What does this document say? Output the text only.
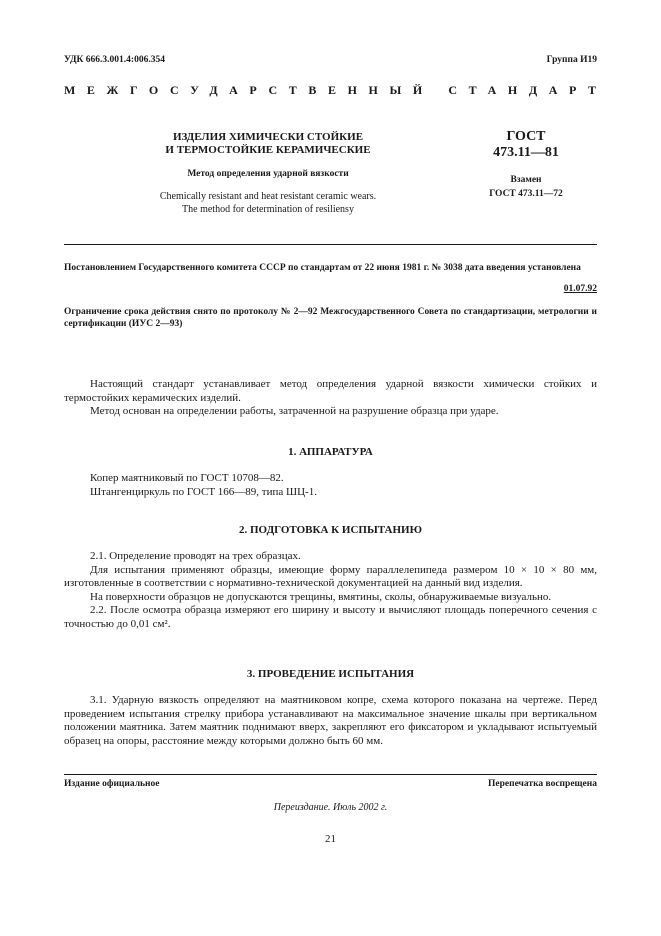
УДК 666.3.001.4:006.354	Группа И19
МЕЖГОСУДАРСТВЕННЫЙ СТАНДАРТ
ИЗДЕЛИЯ ХИМИЧЕСКИ СТОЙКИЕ
И ТЕРМОСТОЙКИЕ КЕРАМИЧЕСКИЕ
Метод определения ударной вязкости
Chemically resistant and heat resistant ceramic wears.
The method for determination of resiliensy
ГОСТ
473.11—81
Взамен
ГОСТ 473.11—72
Постановлением Государственного комитета СССР по стандартам от 22 июня 1981 г. № 3038 дата введения установлена
01.07.92
Ограничение срока действия снято по протоколу № 2—92 Межгосударственного Совета по стандартизации, метрологии и сертификации (ИУС 2—93)

Настоящий стандарт устанавливает метод определения ударной вязкости химически стойких и термостойких керамических изделий.

Метод основан на определении работы, затраченной на разрушение образца при ударе.

1. АППАРАТУРА

Копер маятниковый по ГОСТ 10708—82.

Штангенциркуль по ГОСТ 166—89, типа ШЦ-1.

2. ПОДГОТОВКА К ИСПЫТАНИЮ

2.1. Определение проводят на трех образцах.

Для испытания применяют образцы, имеющие форму параллелепипеда размером 10 × 10 × 80 мм, изготовленные в соответствии с нормативно-технической документацией на данный вид изделия.

На поверхности образцов не допускаются трещины, вмятины, сколы, обнаруживаемые визуально.

2.2. После осмотра образца измеряют его ширину и высоту и вычисляют площадь поперечного сечения с точностью до 0,01 см².

3. ПРОВЕДЕНИЕ ИСПЫТАНИЯ

3.1. Ударную вязкость определяют на маятниковом копре, схема которого показана на чертеже. Перед проведением испытания стрелку прибора устанавливают на максимальное значение шкалы при вертикальном положении маятника. Затем маятник поднимают вверх, закрепляют его фиксатором и укладывают испытуемый образец на опоры, расстояние между которыми должно быть 60 мм.

Издание официальное	Перепечатка воспрещена
Переиздание. Июль 2002 г.
21
